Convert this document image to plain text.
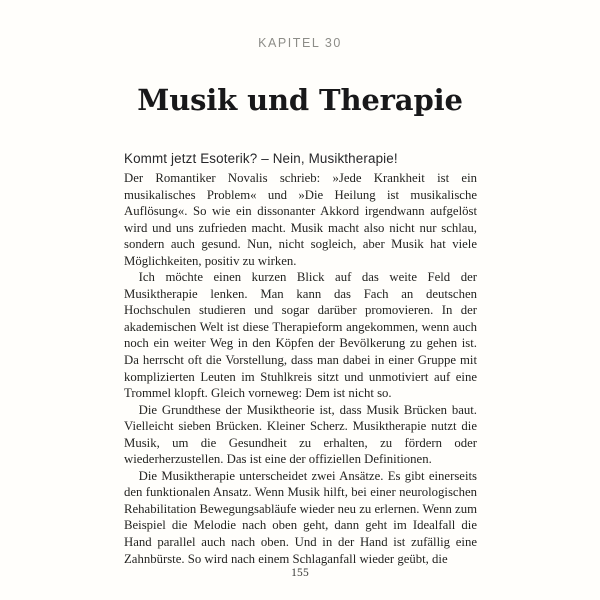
KAPITEL 30
Musik und Therapie
Kommt jetzt Esoterik? – Nein, Musiktherapie!

Der Romantiker Novalis schrieb: »Jede Krankheit ist ein musikalisches Problem« und »Die Heilung ist musikalische Auflösung«. So wie ein dissonanter Akkord irgendwann aufgelöst wird und uns zufrieden macht. Musik macht also nicht nur schlau, sondern auch gesund. Nun, nicht sogleich, aber Musik hat viele Möglichkeiten, positiv zu wirken.

Ich möchte einen kurzen Blick auf das weite Feld der Musiktherapie lenken. Man kann das Fach an deutschen Hochschulen studieren und sogar darüber promovieren. In der akademischen Welt ist diese Therapieform angekommen, wenn auch noch ein weiter Weg in den Köpfen der Bevölkerung zu gehen ist. Da herrscht oft die Vorstellung, dass man dabei in einer Gruppe mit komplizierten Leuten im Stuhlkreis sitzt und unmotiviert auf eine Trommel klopft. Gleich vorneweg: Dem ist nicht so.

Die Grundthese der Musiktheorie ist, dass Musik Brücken baut. Vielleicht sieben Brücken. Kleiner Scherz. Musiktherapie nutzt die Musik, um die Gesundheit zu erhalten, zu fördern oder wiederherzustellen. Das ist eine der offiziellen Definitionen.

Die Musiktherapie unterscheidet zwei Ansätze. Es gibt einerseits den funktionalen Ansatz. Wenn Musik hilft, bei einer neurologischen Rehabilitation Bewegungsabläufe wieder neu zu erlernen. Wenn zum Beispiel die Melodie nach oben geht, dann geht im Idealfall die Hand parallel auch nach oben. Und in der Hand ist zufällig eine Zahnbürste. So wird nach einem Schlaganfall wieder geübt, die

155
